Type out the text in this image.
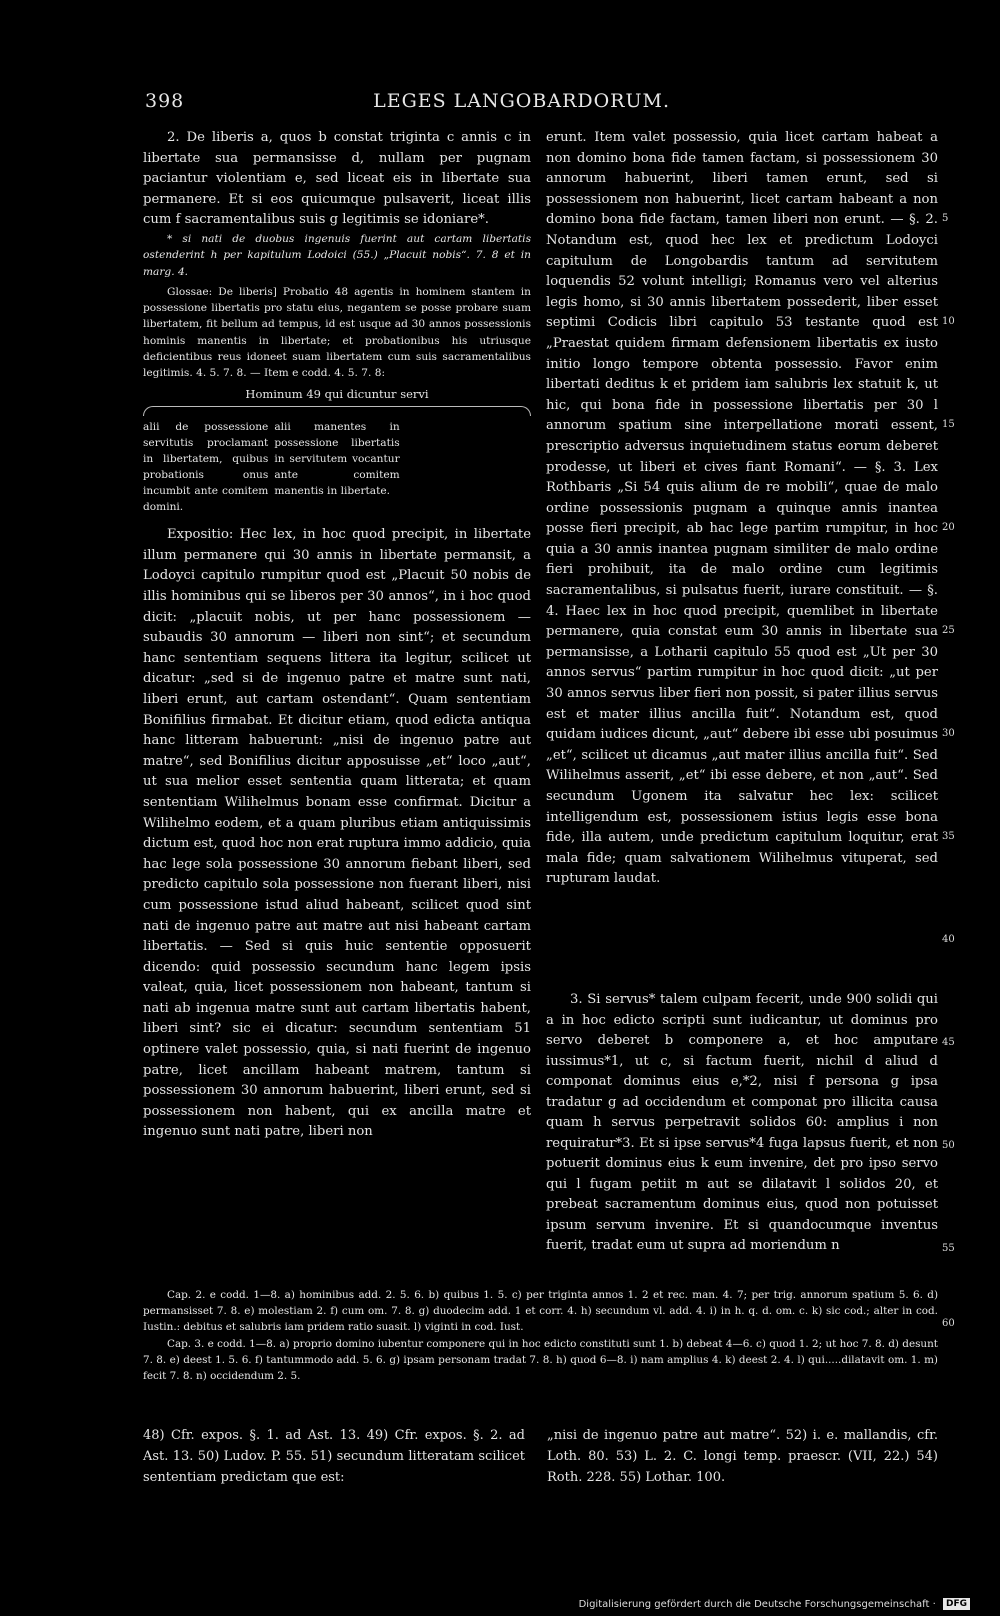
398	LEGES LANGOBARDORUM.

2. De liberis a, quos b constat triginta c annis c in libertate sua permansisse d, nullam per pugnam paciantur violentiam e, sed liceat eis in libertate sua permanere. Et si eos quicumque pulsaverit, liceat illis cum f sacramentalibus suis g legitimis se idoniare*.

* si nati de duobus ingenuis fuerint aut cartam libertatis ostenderint h per kapitulum Lodoici (55.) „Placuit nobis“. 7. 8 et in marg. 4.

Glossae: De liberis] Probatio 48 agentis in hominem stantem in possessione libertatis pro statu eius, negantem se posse probare suam libertatem, fit bellum ad tempus, id est usque ad 30 annos possessionis hominis manentis in libertate; et probationibus his utriusque deficientibus reus idoneet suam libertatem cum suis sacramentalibus legitimis. 4. 5. 7. 8. — Item e codd. 4. 5. 7. 8:

Hominum 49 qui dicuntur servi
alii de possessione servitutis proclamant in libertatem, quibus probationis onus incumbit ante comitem domini.
alii manentes in possessione libertatis in servitutem vocantur ante comitem manentis in libertate.

Expositio: Hec lex, in hoc quod precipit, in libertate illum permanere qui 30 annis in libertate permansit, a Lodoyci capitulo rumpitur quod est „Placuit 50 nobis de illis hominibus qui se liberos per 30 annos“, in i hoc quod dicit: „placuit nobis, ut per hanc possessionem — subaudis 30 annorum — liberi non sint“; et secundum hanc sententiam sequens littera ita legitur, scilicet ut dicatur: „sed si de ingenuo patre et matre sunt nati, liberi erunt, aut cartam ostendant“. Quam sententiam Bonifilius firmabat. Et dicitur etiam, quod edicta antiqua hanc litteram habuerunt: „nisi de ingenuo patre aut matre“, sed Bonifilius dicitur apposuisse „et“ loco „aut“, ut sua melior esset sententia quam litterata; et quam sententiam Wilihelmus bonam esse confirmat. Dicitur a Wilihelmo eodem, et a quam pluribus etiam antiquissimis dictum est, quod hoc non erat ruptura immo addicio, quia hac lege sola possessione 30 annorum fiebant liberi, sed predicto capitulo sola possessione non fuerant liberi, nisi cum possessione istud aliud habeant, scilicet quod sint nati de ingenuo patre aut matre aut nisi habeant cartam libertatis. — Sed si quis huic sententie opposuerit dicendo: quid possessio secundum hanc legem ipsis valeat, quia, licet possessionem non habeant, tantum si nati ab ingenua matre sunt aut cartam libertatis habent, liberi sint? sic ei dicatur: secundum sententiam 51 optinere valet possessio, quia, si nati fuerint de ingenuo patre, licet ancillam habeant matrem, tantum si possessionem 30 annorum habuerint, liberi erunt, sed si possessionem non habent, qui ex ancilla matre et ingenuo sunt nati patre, liberi non

erunt. Item valet possessio, quia licet cartam habeat a non domino bona fide tamen factam, si possessionem 30 annorum habuerint, liberi tamen erunt, sed si possessionem non habuerint, licet cartam habeant a non domino bona fide factam, tamen liberi non erunt. — §. 2. Notandum est, quod hec lex et predictum Lodoyci capitulum de Longobardis tantum ad servitutem loquendis 52 volunt intelligi; Romanus vero vel alterius legis homo, si 30 annis libertatem possederit, liber esset septimi Codicis libri capitulo 53 testante quod est „Praestat quidem firmam defensionem libertatis ex iusto initio longo tempore obtenta possessio. Favor enim libertati deditus k et pridem iam salubris lex statuit k, ut hic, qui bona fide in possessione libertatis per 30 l annorum spatium sine interpellatione morati essent, prescriptio adversus inquietudinem status eorum deberet prodesse, ut liberi et cives fiant Romani“. — §. 3. Lex Rothbaris „Si 54 quis alium de re mobili“, quae de malo ordine possessionis pugnam a quinque annis inantea posse fieri precipit, ab hac lege partim rumpitur, in hoc quia a 30 annis inantea pugnam similiter de malo ordine fieri prohibuit, ita de malo ordine cum legitimis sacramentalibus, si pulsatus fuerit, iurare constituit. — §. 4. Haec lex in hoc quod precipit, quemlibet in libertate permanere, quia constat eum 30 annis in libertate sua permansisse, a Lotharii capitulo 55 quod est „Ut per 30 annos servus“ partim rumpitur in hoc quod dicit: „ut per 30 annos servus liber fieri non possit, si pater illius servus est et mater illius ancilla fuit“. Notandum est, quod quidam iudices dicunt, „aut“ debere ibi esse ubi posuimus „et“, scilicet ut dicamus „aut mater illius ancilla fuit“. Sed Wilihelmus asserit, „et“ ibi esse debere, et non „aut“. Sed secundum Ugonem ita salvatur hec lex: scilicet intelligendum est, possessionem istius legis esse bona fide, illa autem, unde predictum capitulum loquitur, erat mala fide; quam salvationem Wilihelmus vituperat, sed rupturam laudat.

5
10
15
20
25
30
35
40
45
50
55
60

3. Si servus* talem culpam fecerit, unde 900 solidi qui a in hoc edicto scripti sunt iudicantur, ut dominus pro servo deberet b componere a, et hoc amputare iussimus*1, ut c, si factum fuerit, nichil d aliud d componat dominus eius e,*2, nisi f persona g ipsa tradatur g ad occidendum et componat pro illicita causa quam h servus perpetravit solidos 60: amplius i non requiratur*3. Et si ipse servus*4 fuga lapsus fuerit, et non potuerit dominus eius k eum invenire, det pro ipso servo qui l fugam petiit m aut se dilatavit l solidos 20, et prebeat sacramentum dominus eius, quod non potuisset ipsum servum invenire. Et si quandocumque inventus fuerit, tradat eum ut supra ad moriendum n

Cap. 2. e codd. 1—8. a) hominibus add. 2. 5. 6. b) quibus 1. 5. c) per triginta annos 1. 2 et rec. man. 4. 7; per trig. annorum spatium 5. 6. d) permansisset 7. 8. e) molestiam 2. f) cum om. 7. 8. g) duodecim add. 1 et corr. 4. h) secundum vl. add. 4. i) in h. q. d. om. c. k) sic cod.; alter in cod. Iustin.: debitus et salubris iam pridem ratio suasit. l) viginti in cod. Iust.

Cap. 3. e codd. 1—8. a) proprio domino iubentur componere qui in hoc edicto constituti sunt 1. b) debeat 4—6. c) quod 1. 2; ut hoc 7. 8. d) desunt 7. 8. e) deest 1. 5. 6. f) tantummodo add. 5. 6. g) ipsam personam tradat 7. 8. h) quod 6—8. i) nam amplius 4. k) deest 2. 4. l) qui.....dilatavit om. 1. m) fecit 7. 8. n) occidendum 2. 5.

48) Cfr. expos. §. 1. ad Ast. 13. 49) Cfr. expos. §. 2. ad Ast. 13. 50) Ludov. P. 55. 51) secundum litteratam scilicet sententiam predictam que est:
„nisi de ingenuo patre aut matre“. 52) i. e. mallandis, cfr. Loth. 80. 53) L. 2. C. longi temp. praescr. (VII, 22.) 54) Roth. 228. 55) Lothar. 100.
Digitalisierung gefördert durch die Deutsche Forschungsgemeinschaft · DFG
